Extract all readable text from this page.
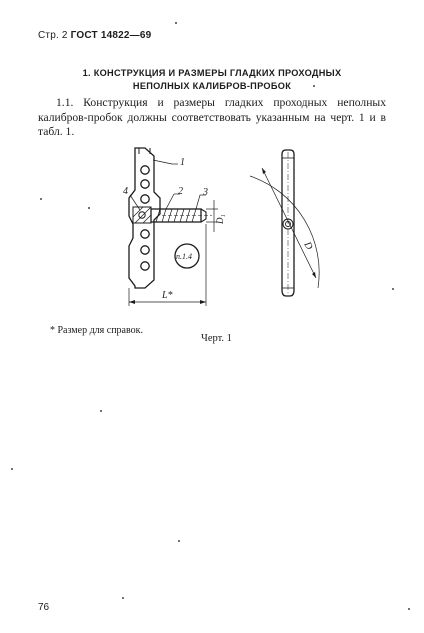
Стр. 2 ГОСТ 14822—69
1. КОНСТРУКЦИЯ И РАЗМЕРЫ ГЛАДКИХ ПРОХОДНЫХ
НЕПОЛНЫХ КАЛИБРОВ-ПРОБОК
1.1. Конструкция и размеры гладких проходных неполных калибров-пробок должны соответствовать указанным на черт. 1 и в табл. 1.
1
2 3
4
D₁
L*
п.1.4
D
* Размер для справок.
Черт. 1
76
